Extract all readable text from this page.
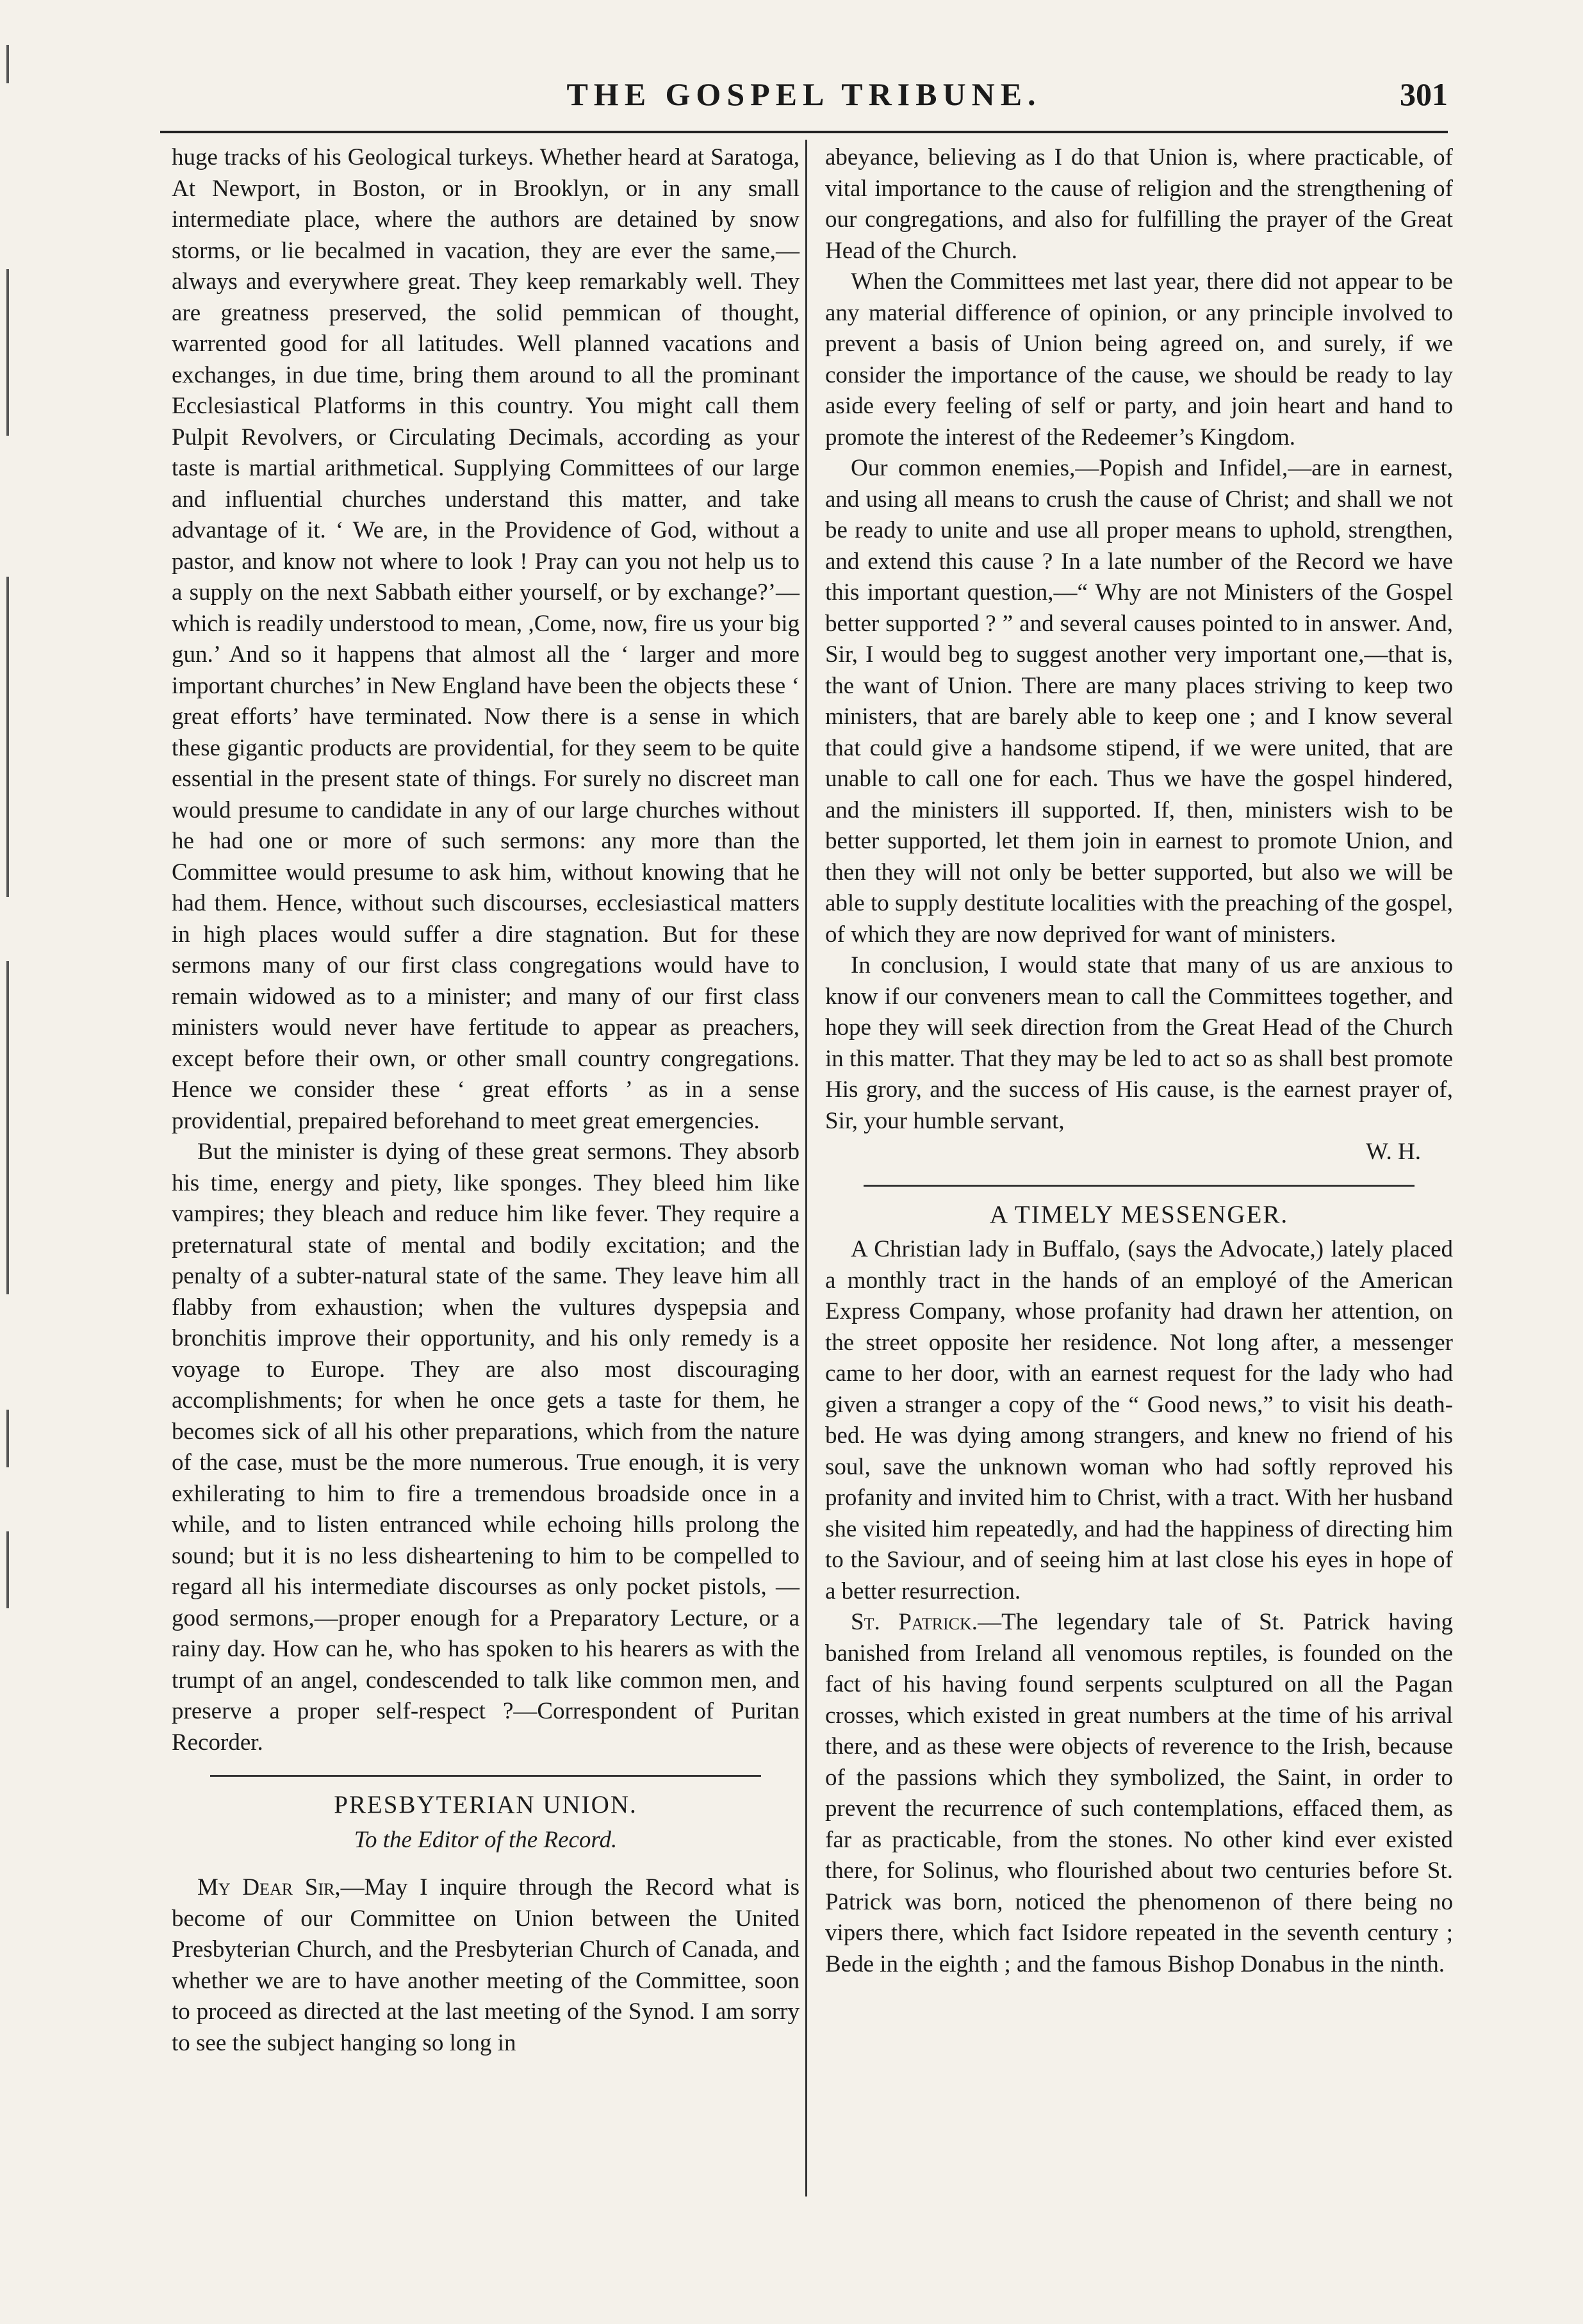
THE GOSPEL TRIBUNE.	301

huge tracks of his Geological turkeys. Whether heard at Saratoga, At Newport, in Boston, or in Brooklyn, or in any small intermediate place, where the authors are detained by snow storms, or lie becalmed in vacation, they are ever the same,—always and everywhere great. They keep remarkably well. They are greatness preserved, the solid pemmican of thought, warrented good for all latitudes. Well planned vacations and exchanges, in due time, bring them around to all the prominant Ecclesiastical Platforms in this country. You might call them Pulpit Revolvers, or Circulating Decimals, according as your taste is martial arithmetical. Supplying Committees of our large and influential churches understand this matter, and take advantage of it. ‘ We are, in the Providence of God, without a pastor, and know not where to look ! Pray can you not help us to a supply on the next Sabbath either yourself, or by exchange?’—which is readily understood to mean, ,Come, now, fire us your big gun.’ And so it happens that almost all the ‘ larger and more important churches’ in New England have been the objects these ‘ great efforts’ have terminated. Now there is a sense in which these gigantic products are providential, for they seem to be quite essential in the present state of things. For surely no discreet man would presume to candidate in any of our large churches without he had one or more of such sermons: any more than the Committee would presume to ask him, without knowing that he had them. Hence, without such discourses, ecclesiastical matters in high places would suffer a dire stagnation. But for these sermons many of our first class congregations would have to remain widowed as to a minister; and many of our first class ministers would never have fertitude to appear as preachers, except before their own, or other small country congregations. Hence we consider these ‘ great efforts ’ as in a sense providential, prepaired beforehand to meet great emergencies.

But the minister is dying of these great sermons. They absorb his time, energy and piety, like sponges. They bleed him like vampires; they bleach and reduce him like fever. They require a preternatural state of mental and bodily excitation; and the penalty of a subter-natural state of the same. They leave him all flabby from exhaustion; when the vultures dyspepsia and bronchitis improve their opportunity, and his only remedy is a voyage to Europe. They are also most discouraging accomplishments; for when he once gets a taste for them, he becomes sick of all his other preparations, which from the nature of the case, must be the more numerous. True enough, it is very exhilerating to him to fire a tremendous broadside once in a while, and to listen entranced while echoing hills prolong the sound; but it is no less disheartening to him to be compelled to regard all his intermediate discourses as only pocket pistols, —good sermons,—proper enough for a Preparatory Lecture, or a rainy day. How can he, who has spoken to his hearers as with the trumpt of an angel, condescended to talk like common men, and preserve a proper self-respect ?—Correspondent of Puritan Recorder.

PRESBYTERIAN UNION.
To the Editor of the Record.

My Dear Sir,—May I inquire through the Record what is become of our Committee on Union between the United Presbyterian Church, and the Presbyterian Church of Canada, and whether we are to have another meeting of the Committee, soon to proceed as directed at the last meeting of the Synod. I am sorry to see the subject hanging so long in

abeyance, believing as I do that Union is, where practicable, of vital importance to the cause of religion and the strengthening of our congregations, and also for fulfilling the prayer of the Great Head of the Church.

When the Committees met last year, there did not appear to be any material difference of opinion, or any principle involved to prevent a basis of Union being agreed on, and surely, if we consider the importance of the cause, we should be ready to lay aside every feeling of self or party, and join heart and hand to promote the interest of the Redeemer’s Kingdom.

Our common enemies,—Popish and Infidel,—are in earnest, and using all means to crush the cause of Christ; and shall we not be ready to unite and use all proper means to uphold, strengthen, and extend this cause ? In a late number of the Record we have this important question,—“ Why are not Ministers of the Gospel better supported ? ” and several causes pointed to in answer. And, Sir, I would beg to suggest another very important one,—that is, the want of Union. There are many places striving to keep two ministers, that are barely able to keep one ; and I know several that could give a handsome stipend, if we were united, that are unable to call one for each. Thus we have the gospel hindered, and the ministers ill supported. If, then, ministers wish to be better supported, let them join in earnest to promote Union, and then they will not only be better supported, but also we will be able to supply destitute localities with the preaching of the gospel, of which they are now deprived for want of ministers.

In conclusion, I would state that many of us are anxious to know if our conveners mean to call the Committees together, and hope they will seek direction from the Great Head of the Church in this matter. That they may be led to act so as shall best promote His grory, and the success of His cause, is the earnest prayer of, Sir, your humble servant,

W. H.

A TIMELY MESSENGER.

A Christian lady in Buffalo, (says the Advocate,) lately placed a monthly tract in the hands of an employé of the American Express Company, whose profanity had drawn her attention, on the street opposite her residence. Not long after, a messenger came to her door, with an earnest request for the lady who had given a stranger a copy of the “ Good news,” to visit his death-bed. He was dying among strangers, and knew no friend of his soul, save the unknown woman who had softly reproved his profanity and invited him to Christ, with a tract. With her husband she visited him repeatedly, and had the happiness of directing him to the Saviour, and of seeing him at last close his eyes in hope of a better resurrection.

St. Patrick.—The legendary tale of St. Patrick having banished from Ireland all venomous reptiles, is founded on the fact of his having found serpents sculptured on all the Pagan crosses, which existed in great numbers at the time of his arrival there, and as these were objects of reverence to the Irish, because of the passions which they symbolized, the Saint, in order to prevent the recurrence of such contemplations, effaced them, as far as practicable, from the stones. No other kind ever existed there, for Solinus, who flourished about two centuries before St. Patrick was born, noticed the phenomenon of there being no vipers there, which fact Isidore repeated in the seventh century ; Bede in the eighth ; and the famous Bishop Donabus in the ninth.
